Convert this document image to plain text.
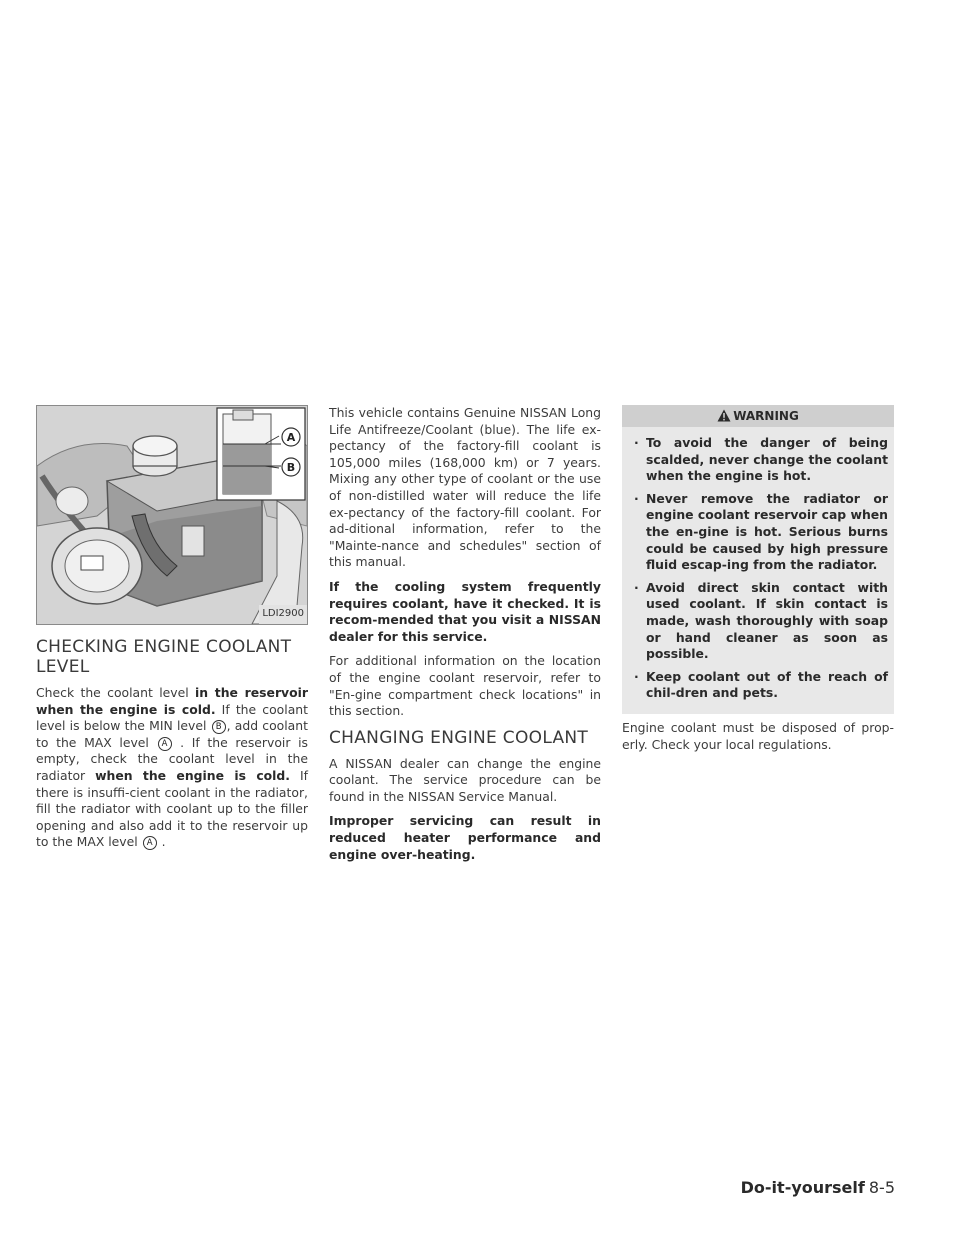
A
B
LDI2900
CHECKING ENGINE COOLANT LEVEL

Check the coolant level in the reservoir when the engine is cold. If the coolant level is below the MIN level B , add coolant to the MAX level A . If the reservoir is empty, check the coolant level in the radiator when the engine is cold. If there is insuffi-cient coolant in the radiator, fill the radiator with coolant up to the filler opening and also add it to the reservoir up to the MAX level A .

This vehicle contains Genuine NISSAN Long Life Antifreeze/Coolant (blue). The life ex-pectancy of the factory-fill coolant is 105,000 miles (168,000 km) or 7 years. Mixing any other type of coolant or the use of non-distilled water will reduce the life ex-pectancy of the factory-fill coolant. For ad-ditional information, refer to the "Mainte-nance and schedules" section of this manual.

If the cooling system frequently requires coolant, have it checked. It is recom-mended that you visit a NISSAN dealer for this service.

For additional information on the location of the engine coolant reservoir, refer to "En-gine compartment check locations" in this section.

CHANGING ENGINE COOLANT

A NISSAN dealer can change the engine coolant. The service procedure can be found in the NISSAN Service Manual.

Improper servicing can result in reduced heater performance and engine over-heating.

WARNING
· To avoid the danger of being scalded, never change the coolant when the engine is hot.
· Never remove the radiator or engine coolant reservoir cap when the en-gine is hot. Serious burns could be caused by high pressure fluid escap-ing from the radiator.
· Avoid direct skin contact with used coolant. If skin contact is made, wash thoroughly with soap or hand cleaner as soon as possible.
· Keep coolant out of the reach of chil-dren and pets.

Engine coolant must be disposed of prop-erly. Check your local regulations.

Do-it-yourself 8-5
